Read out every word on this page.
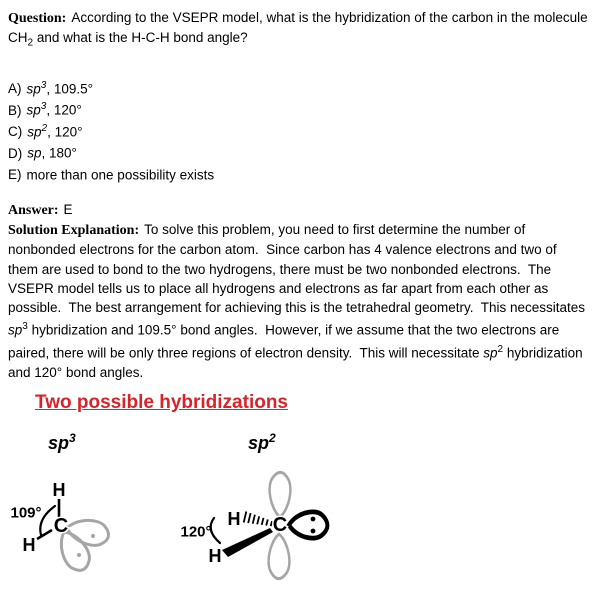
Question: According to the VSEPR model, what is the hybridization of the carbon in the molecule $CH_2$ and what is the H-C-H bond angle?

A) $sp^3$, 109.5°
B) $sp^3$, 120°
C) $sp^2$, 120°
D) sp, 180°
E) more than one possibility exists

Answer: E

Solution Explanation: To solve this problem, you need to first determine the number of nonbonded electrons for the carbon atom.  Since carbon has 4 valence electrons and two of them are used to bond to the two hydrogens, there must be two nonbonded electrons.  The VSEPR model tells us to place all hydrogens and electrons as far apart from each other as possible.  The best arrangement for achieving this is the tetrahedral geometry.  This necessitates $sp^3$ hybridization and 109.5° bond angles.  However, if we assume that the two electrons are paired, there will be only three regions of electron density.  This will necessitate $sp^2$ hybridization and 120° bond angles.

Two possible hybridizations
$sp^3$	$sp^2$
H
C
H
109°	H C
H
120°
